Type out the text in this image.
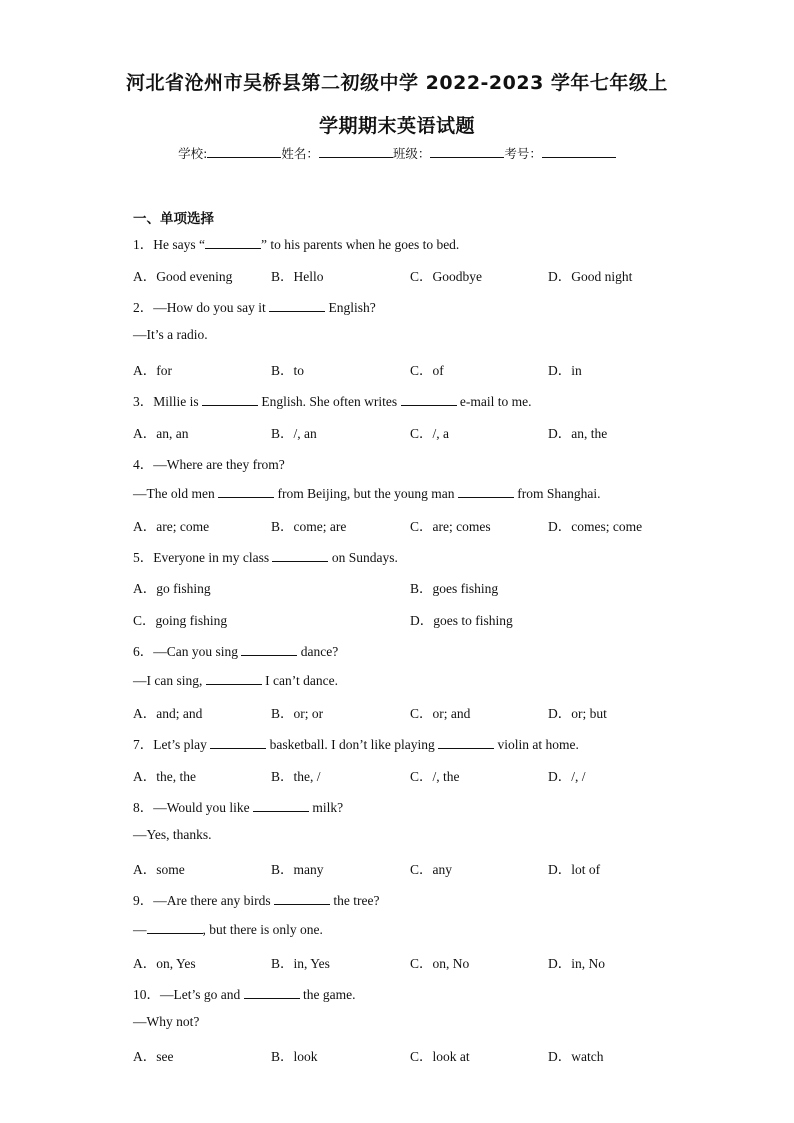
河北省沧州市吴桥县第二初级中学 2022-2023 学年七年级上
学期期末英语试题
学校:	姓名：	班级：	考号：
一、单项选择
1．He says “	” to his parents when he goes to bed.
A．Good evening	B．Hello	C．Goodbye	D．Good night
2．—How do you say it	English?
—It’s a radio.
A．for	B．to	C．of	D．in
3．Millie is	English. She often writes	e-mail to me.
A．an, an	B．/, an	C．/, a	D．an, the
4．—Where are they from?
—The old men	from Beijing, but the young man	from Shanghai.
A．are; come	B．come; are	C．are; comes	D．comes; come
5．Everyone in my class	on Sundays.
A．go fishing	B．goes fishing
C．going fishing	D．goes to fishing
6．—Can you sing	dance?
—I can sing,	I can’t dance.
A．and; and	B．or; or	C．or; and	D．or; but
7．Let’s play	basketball. I don’t like playing	violin at home.
A．the, the	B．the, /	C．/, the	D．/, /
8．—Would you like	milk?
—Yes, thanks.
A．some	B．many	C．any	D．lot of
9．—Are there any birds	the tree?
—	, but there is only one.
A．on, Yes	B．in, Yes	C．on, No	D．in, No
10．—Let’s go and	the game.
—Why not?
A．see	B．look	C．look at	D．watch
